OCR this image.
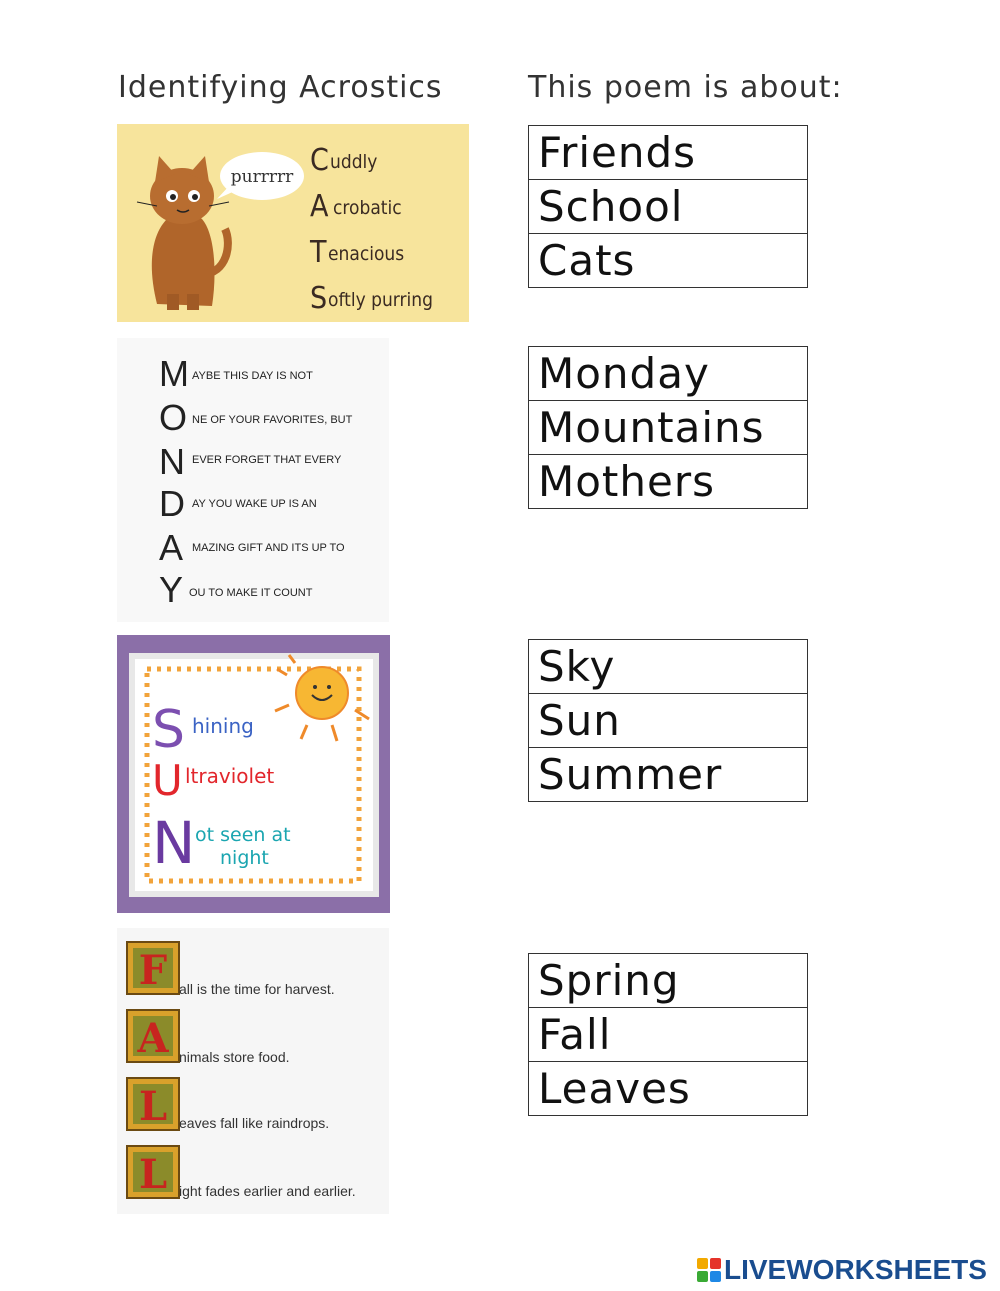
Identifying Acrostics	This poem is about:
purrrrr C uddly
A crobatic
T enacious
S oftly purring
M AYBE THIS DAY IS NOT
O NE OF YOUR FAVORITES, BUT
N EVER FORGET THAT EVERY
D AY YOU WAKE UP IS AN
A MAZING GIFT AND ITS UP TO
Y OU TO MAKE IT COUNT
S hining
U ltraviolet
N ot seen at
night
F
A
L
L
all is the time for harvest.
nimals store food.
eaves fall like raindrops.
ight fades earlier and earlier.
Friends
School
Cats
Monday
Mountains
Mothers
Sky
Sun
Summer
Spring
Fall
Leaves
LIVEWORKSHEETS
